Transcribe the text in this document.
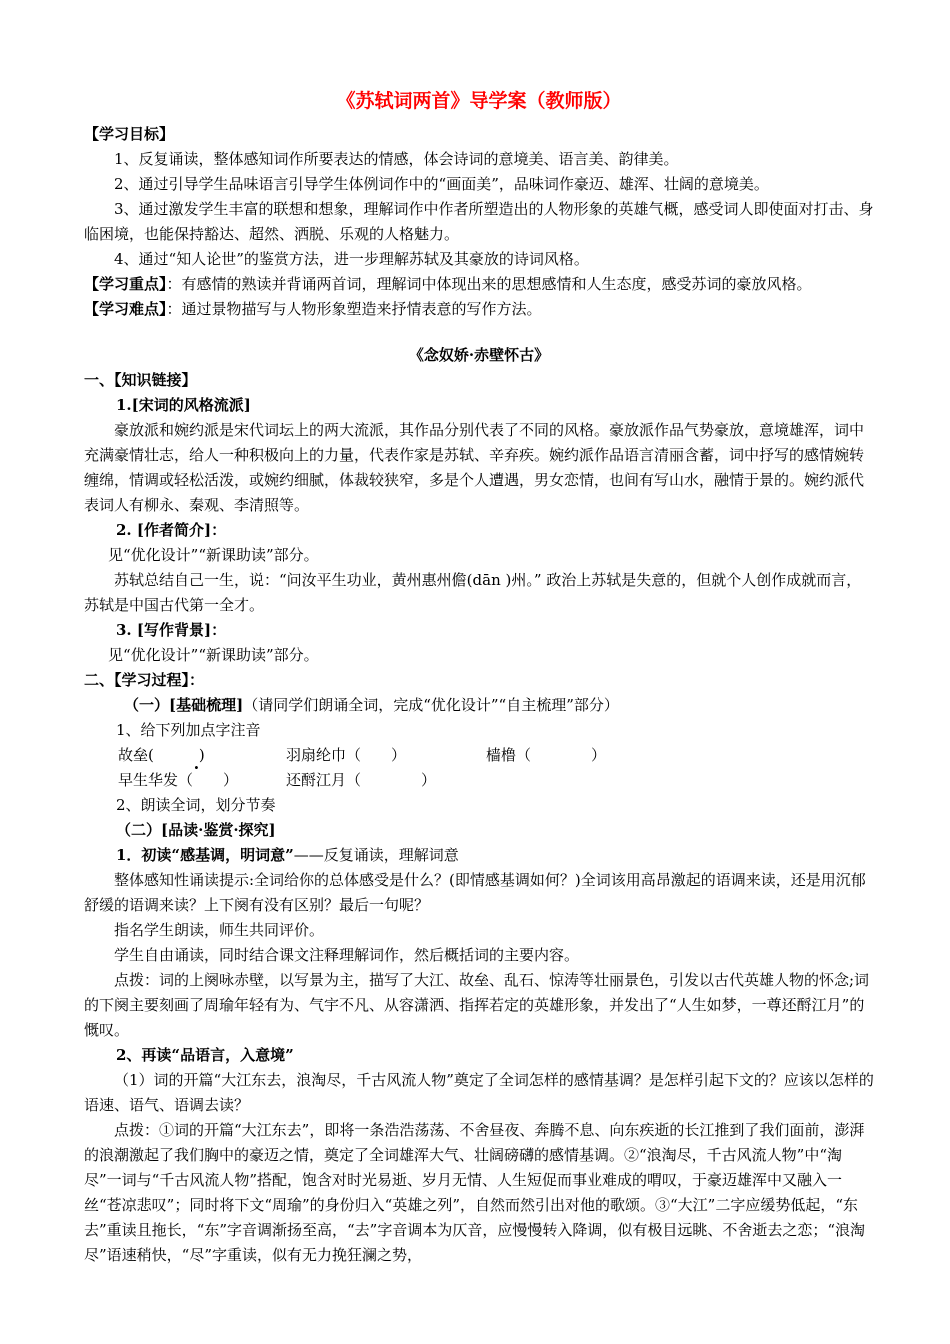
《苏轼词两首》导学案（教师版）

【学习目标】

1、反复诵读，整体感知词作所要表达的情感，体会诗词的意境美、语言美、韵律美。

2、通过引导学生品味语言引导学生体例词作中的“画面美”，品味词作豪迈、雄浑、壮阔的意境美。

3、通过激发学生丰富的联想和想象，理解词作中作者所塑造出的人物形象的英雄气概，感受词人即使面对打击、身临困境，也能保持豁达、超然、洒脱、乐观的人格魅力。

4、通过“知人论世”的鉴赏方法，进一步理解苏轼及其豪放的诗词风格。

【学习重点】：有感情的熟读并背诵两首词，理解词中体现出来的思想感情和人生态度，感受苏词的豪放风格。

【学习难点】：通过景物描写与人物形象塑造来抒情表意的写作方法。

《念奴娇·赤壁怀古》

一、【知识链接】

1.[宋词的风格流派]

豪放派和婉约派是宋代词坛上的两大流派，其作品分别代表了不同的风格。豪放派作品气势豪放，意境雄浑，词中充满豪情壮志，给人一种积极向上的力量，代表作家是苏轼、辛弃疾。婉约派作品语言清丽含蓄，词中抒写的感情婉转缠绵，情调或轻松活泼，或婉约细腻，体裁较狭窄，多是个人遭遇，男女恋情，也间有写山水，融情于景的。婉约派代表词人有柳永、秦观、李清照等。

2. [作者简介]：

见“优化设计”“新课助读”部分。

苏轼总结自己一生，说：“问汝平生功业，黄州惠州儋(dān )州。” 政治上苏轼是失意的，但就个人创作成就而言，苏轼是中国古代第一全才。

3. [写作背景]：

见“优化设计”“新课助读”部分。

二、【学习过程】：

（一）[基础梳理]（请同学们朗诵全词，完成“优化设计”“自主梳理”部分）

1、给下列加点字注音

故垒(　　　) ·	羽扇纶巾（　　）	樯橹（　　　　）
早生华发（　　）	还酹江月（　　　　）

2、朗读全词，划分节奏

（二）[品读·鉴赏·探究]

1．初读“感基调，明词意”——反复诵读，理解词意

整体感知性诵读提示:全词给你的总体感受是什么？(即情感基调如何？)全词该用高昂激起的语调来读，还是用沉郁舒缓的语调来读？上下阕有没有区别？最后一句呢？

指名学生朗读，师生共同评价。

学生自由诵读，同时结合课文注释理解词作，然后概括词的主要内容。

点拨：词的上阕咏赤壁，以写景为主，描写了大江、故垒、乱石、惊涛等壮丽景色，引发以古代英雄人物的怀念;词的下阕主要刻画了周瑜年轻有为、气宇不凡、从容潇洒、指挥若定的英雄形象，并发出了“人生如梦，一尊还酹江月”的慨叹。

2、再读“品语言，入意境”

（1）词的开篇“大江东去，浪淘尽，千古风流人物”奠定了全词怎样的感情基调？是怎样引起下文的？应该以怎样的语速、语气、语调去读？

点拨：①词的开篇“大江东去”，即将一条浩浩荡荡、不舍昼夜、奔腾不息、向东疾逝的长江推到了我们面前，澎湃的浪潮激起了我们胸中的豪迈之情，奠定了全词雄浑大气、壮阔磅礴的感情基调。②“浪淘尽，千古风流人物”中“淘尽”一词与“千古风流人物”搭配，饱含对时光易逝、岁月无情、人生短促而事业难成的喟叹，于豪迈雄浑中又融入一丝“苍凉悲叹”；同时将下文“周瑜”的身份归入“英雄之列”，自然而然引出对他的歌颂。③“大江”二字应缓势低起，“东去”重读且拖长，“东”字音调渐扬至高，“去”字音调本为仄音，应慢慢转入降调，似有极目远眺、不舍逝去之恋；“浪淘尽”语速稍快，“尽”字重读，似有无力挽狂澜之势，
